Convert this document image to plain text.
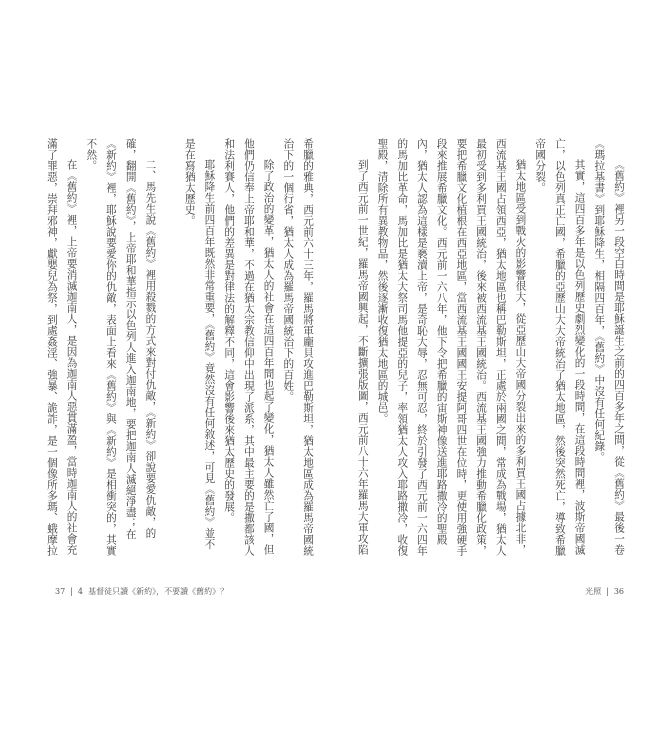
《舊約》裡另一段空白時間是耶穌誕生之前的四百多年之間，從《舊約》最後一卷
《瑪拉基書》到耶穌降生，相隔四百年，《舊約》中沒有任何紀錄。
其實，這四百多年是以色列歷史劇烈變化的一段時間，在這段時間裡，波斯帝國滅
亡，以色列真正亡國，希臘的亞歷山大大帝統治了猶太地區，然後突然死亡，導致希臘
帝國分裂。
猶太地區受到戰火的影響很大，從亞歷山大帝國分裂出來的多利買王國占據北非，
西流基王國占領西亞，猶太地區也稱巴勒斯坦，正處於兩國之間，常成為戰場，猶太人
最初受到多利買王國統治，後來被西流基王國統治。西流基王國強力推動希臘化政策，
要把希臘文化植根在西亞地區，當西流基王國國王安提阿哥四世在位時，更使用強硬手
段來推展希臘文化。西元前一六八年，他下令把希臘的宙斯神像送進耶路撒冷的聖殿
內，猶太人認為這樣是褻瀆上帝，是奇恥大辱，忍無可忍，終於引發了西元前一六四年
的馬加比革命，馬加比是猶太大祭司馬他提亞的兒子，率領猶太人攻入耶路撒冷，收復
聖殿，清除所有異教物品，然後逐漸收復猶太地區的城邑。
到了西元前一世紀，羅馬帝國興起，不斷擴張版圖，西元前八十六年羅馬大軍攻陷
希臘的雅典，西元前六十三年，羅馬將軍龐貝攻進巴勒斯坦，猶太地區成為羅馬帝國統
治下的一個行省，猶太人成為羅馬帝國統治下的百姓。
除了政治的變革，猶太人的社會在這四百年間也起了變化，猶太人雖然亡了國，但
他們仍信奉上帝耶和華，不過在猶太宗教信仰中出現了派系，其中最主要的是撒都該人
和法利賽人，他們的差異是對律法的解釋不同，這會影響後來猶太歷史的發展。
耶穌降生前四百年既然非常重要，《舊約》竟然沒有任何敘述，可見《舊約》並不
是在寫猶太歷史。
二、馬先生說《舊約》裡用殺戮的方式來對付仇敵，《新約》卻說要愛仇敵，的
確，翻開《舊約》，上帝耶和華指示以色列人進入迦南地，要把迦南人滅絕淨盡；在
《新約》裡，耶穌說要愛你的仇敵，表面上看來《舊約》與《新約》是相衝突的，其實
不然。
在《舊約》裡，上帝要消滅迦南人，是因為迦南人惡貫滿盈，當時迦南人的社會充
滿了罪惡，崇拜邪神，獻嬰兒為祭，到處姦淫、強暴、詭詐，是一個像所多瑪、蛾摩拉
37 | 4 基督徒只讀《新約》，不要讀《舊約》？	光照 | 36
